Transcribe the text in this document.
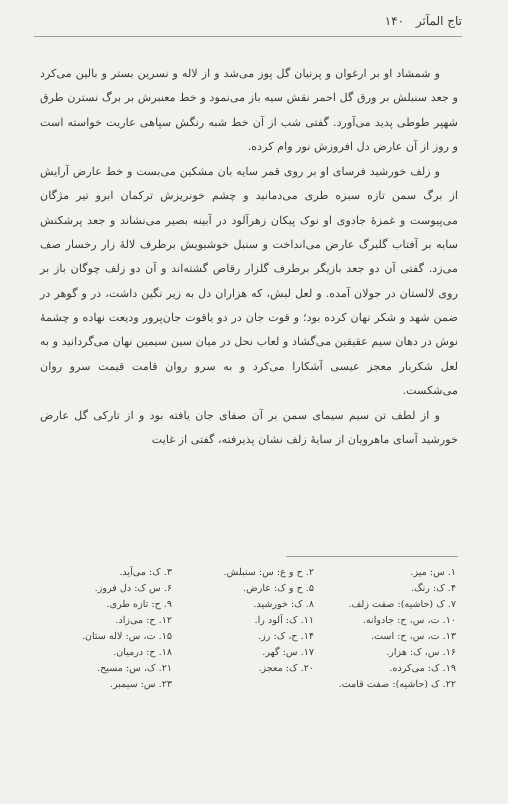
تاج المآثر ۱۴۰

و شمشاد او بر ارغوان و پرنیان گل پوز می‌شد و از لاله و نسرین بستر و بالین می‌کرد و جعد سنبلش بر ورق گل احمر نقش سیه باز می‌نمود و خط معنبرش بر برگ نسترن طرق شهپر طوطی پدید می‌آورد. گفتی شب از آن خط شبه رنگش سپاهی عاریت خواسته است و روز از آن عارض دل افروزش نور وام کرده.

و زلف خورشید فرسای او بر روی قمر سایه بان مشکین می‌بست و خط عارض آرایش از برگ سمن تازه سبزه طری می‌دمانید و چشم خونریزش ترکمان ابرو تیر مژگان می‌پیوست و غمزهٔ جادوی او نوک پیکان زهرآلود در آبینه بصیر می‌نشاند و جعد پرشکنش سایه بر آفتاب گلبرگ عارض می‌انداخت و سنبل خوشبویش برطرف لالهٔ زار رخسار صف می‌زد. گفتی آن دو جعد بازیگر برطرف گلزار رقاص گشته‌اند و آن دو زلف چوگان باز بر روی لالستان در جولان آمده. و لعل لبش، که هزاران دل به زیر نگین داشت، در و گوهر در ضمن شهد و شکر نهان کرده بود؛ و قوت جان در دو یاقوت جان‌پرور ودیعت نهاده و چشمهٔ نوش در دهان سیم عقیقین می‌گشاد و لعاب نحل در میان سین سیمین نهان می‌گردانید و به لعل شکربار معجز عیسی آشکارا می‌کرد و به سرو روان قامت قیمت سرو روان می‌شکست.

و از لطف تن سیم سیمای سمن بر آن صفای جان یافته بود و از تارکی گل عارض خورشید آسای ماهرویان از سایهٔ زلف نشان پذیرفته، گفتی از غایت

۱.س: میز.
۲.ح و ع: س: سنبلش.
۳.ک: می‌آید.
۴.ک: رنگ.
۵.ح و ک: عارض.
۶.س ک: دل فروز.
۷.ک (حاشیه): صفت زلف.
۸.ک: خورشید.
۹.ح: تازه طری.
۱۰.ت، س، ح: جادوانه.
۱۱.ک: آلود را.
۱۲.ح: می‌زاد.
۱۳.ت، س، ح: است.
۱۴.ح، ک: رز.
۱۵.ت، س: لاله ستان.
۱۶.س، ک: هزار.
۱۷.س: گهر.
۱۸.ح: درمیان.
۱۹.ک: می‌کرده.
۲۰.ک: معجز.
۲۱.ک، س: مسیح.
۲۲.ک (حاشیه): صفت قامت.
۲۳.س: سیمبر.
